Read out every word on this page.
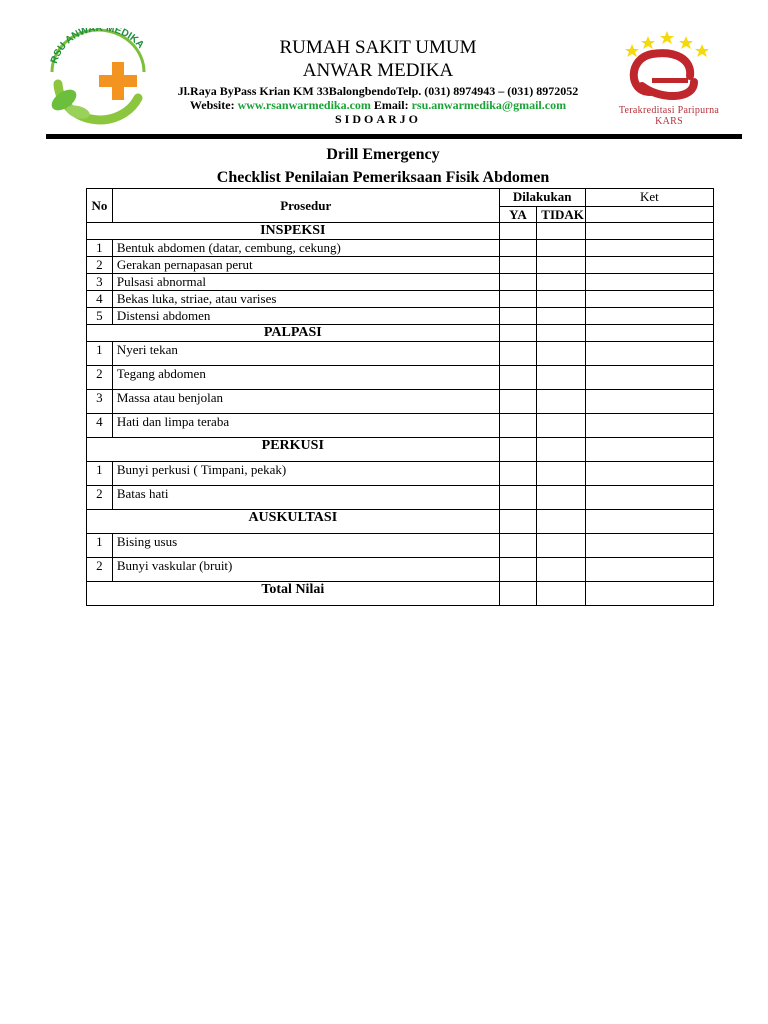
RSU ANWAR MEDIKA	RUMAH SAKIT UMUM
ANWAR MEDIKA
Jl.Raya ByPass Krian KM 33BalongbendoTelp. (031) 8974943 – (031) 8972052
Website: www.rsanwarmedika.com Email: rsu.anwarmedika@gmail.com
SIDOARJO
Terakreditasi Paripurna
KARS
Drill Emergency
Checklist Penilaian Pemeriksaan Fisik Abdomen
No	Prosedur	Dilakukan		Ket
		YA	TIDAK	
INSPEKSI				
1	Bentuk abdomen (datar, cembung, cekung)			
2	Gerakan pernapasan perut			
3	Pulsasi abnormal			
4	Bekas luka, striae, atau varises			
5	Distensi abdomen			
PALPASI				
1	Nyeri tekan			
2	Tegang abdomen			
3	Massa atau benjolan			
4	Hati dan limpa teraba			
PERKUSI				
1	Bunyi perkusi ( Timpani, pekak)			
2	Batas hati			
AUSKULTASI				
1	Bising usus			
2	Bunyi vaskular (bruit)			
Total Nilai				
